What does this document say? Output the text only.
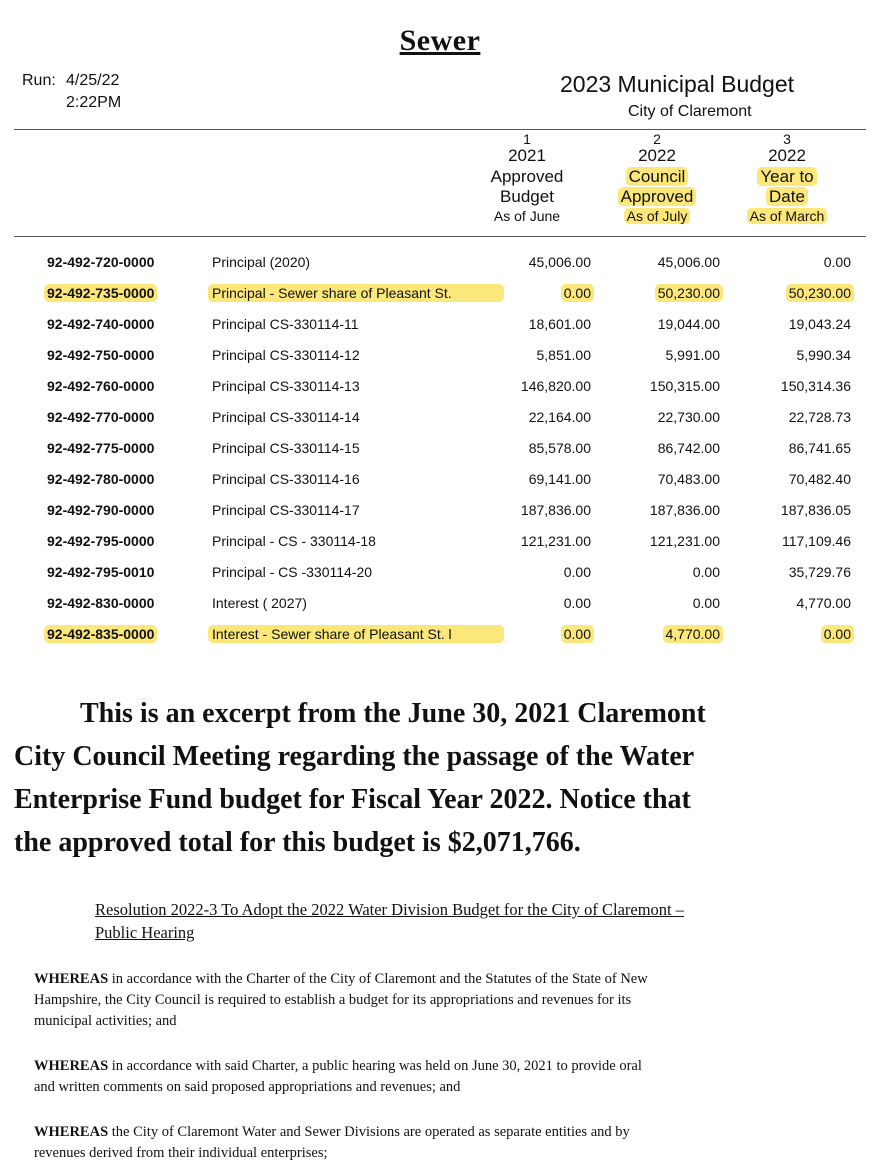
Sewer
Run: 4/25/22
2:22PM
2023 Municipal Budget
City of Claremont
1
2021
Approved
Budget
As of June
2
2022
Council
Approved
As of July
3
2022
Year to
Date
As of March
92-492-720-0000	Principal (2020)	45,006.00	45,006.00	0.00
92-492-735-0000	Principal - Sewer share of Pleasant St.	0.00	50,230.00	50,230.00
92-492-740-0000	Principal CS-330114-11	18,601.00	19,044.00	19,043.24
92-492-750-0000	Principal CS-330114-12	5,851.00	5,991.00	5,990.34
92-492-760-0000	Principal CS-330114-13	146,820.00	150,315.00	150,314.36
92-492-770-0000	Principal CS-330114-14	22,164.00	22,730.00	22,728.73
92-492-775-0000	Principal CS-330114-15	85,578.00	86,742.00	86,741.65
92-492-780-0000	Principal CS-330114-16	69,141.00	70,483.00	70,482.40
92-492-790-0000	Principal CS-330114-17	187,836.00	187,836.00	187,836.05
92-492-795-0000	Principal - CS - 330114-18	121,231.00	121,231.00	117,109.46
92-492-795-0010	Principal - CS -330114-20	0.00	0.00	35,729.76
92-492-830-0000	Interest ( 2027)	0.00	0.00	4,770.00
92-492-835-0000	Interest - Sewer share of Pleasant St. l	0.00	4,770.00	0.00
This is an excerpt from the June 30, 2021 Claremont
City Council Meeting regarding the passage of the Water
Enterprise Fund budget for Fiscal Year 2022. Notice that
the approved total for this budget is $2,071,766.
Resolution 2022-3 To Adopt the 2022 Water Division Budget for the City of Claremont –
Public Hearing
WHEREAS in accordance with the Charter of the City of Claremont and the Statutes of the State of New
Hampshire, the City Council is required to establish a budget for its appropriations and revenues for its
municipal activities; and
WHEREAS in accordance with said Charter, a public hearing was held on June 30, 2021 to provide oral
and written comments on said proposed appropriations and revenues; and
WHEREAS the City of Claremont Water and Sewer Divisions are operated as separate entities and by
revenues derived from their individual enterprises;
